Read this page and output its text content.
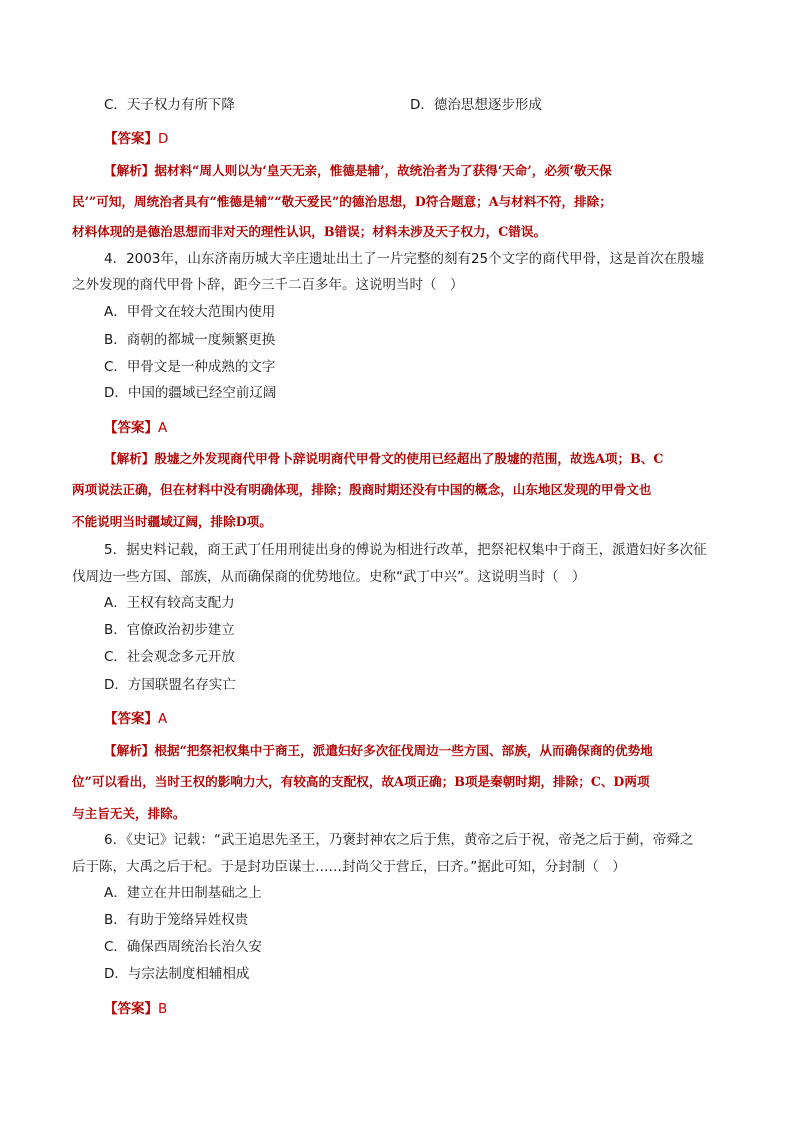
C．天子权力有所下降	D．德治思想逐步形成
【答案】D
【解析】据材料“周人则以为‘皇天无亲，惟德是辅’，故统治者为了获得‘天命’，必须‘敬天保
民’”可知，周统治者具有“惟德是辅”“敬天爱民”的德治思想，D符合题意；A与材料不符，排除；
材料体现的是德治思想而非对天的理性认识，B错误；材料未涉及天子权力，C错误。
4．2003年，山东济南历城大辛庄遗址出土了一片完整的刻有25个文字的商代甲骨，这是首次在殷墟
之外发现的商代甲骨卜辞，距今三千二百多年。这说明当时（　）
A．甲骨文在较大范围内使用
B．商朝的都城一度频繁更换
C．甲骨文是一种成熟的文字
D．中国的疆域已经空前辽阔
【答案】A
【解析】殷墟之外发现商代甲骨卜辞说明商代甲骨文的使用已经超出了殷墟的范围，故选A项；B、C
两项说法正确，但在材料中没有明确体现，排除；殷商时期还没有中国的概念，山东地区发现的甲骨文也
不能说明当时疆域辽阔，排除D项。
5．据史料记载，商王武丁任用刑徒出身的傅说为相进行改革，把祭祀权集中于商王，派遣妇好多次征
伐周边一些方国、部族，从而确保商的优势地位。史称“武丁中兴”。这说明当时（　）
A．王权有较高支配力
B．官僚政治初步建立
C．社会观念多元开放
D．方国联盟名存实亡
【答案】A
【解析】根据“把祭祀权集中于商王，派遣妇好多次征伐周边一些方国、部族，从而确保商的优势地
位”可以看出，当时王权的影响力大，有较高的支配权，故A项正确；B项是秦朝时期，排除；C、D两项
与主旨无关，排除。
6．《史记》记载：“武王追思先圣王，乃褒封神农之后于焦，黄帝之后于祝，帝尧之后于蓟，帝舜之
后于陈，大禹之后于杞。于是封功臣谋士……封尚父于营丘，曰齐。”据此可知，分封制（　）
A．建立在井田制基础之上
B．有助于笼络异姓权贵
C．确保西周统治长治久安
D．与宗法制度相辅相成
【答案】B
